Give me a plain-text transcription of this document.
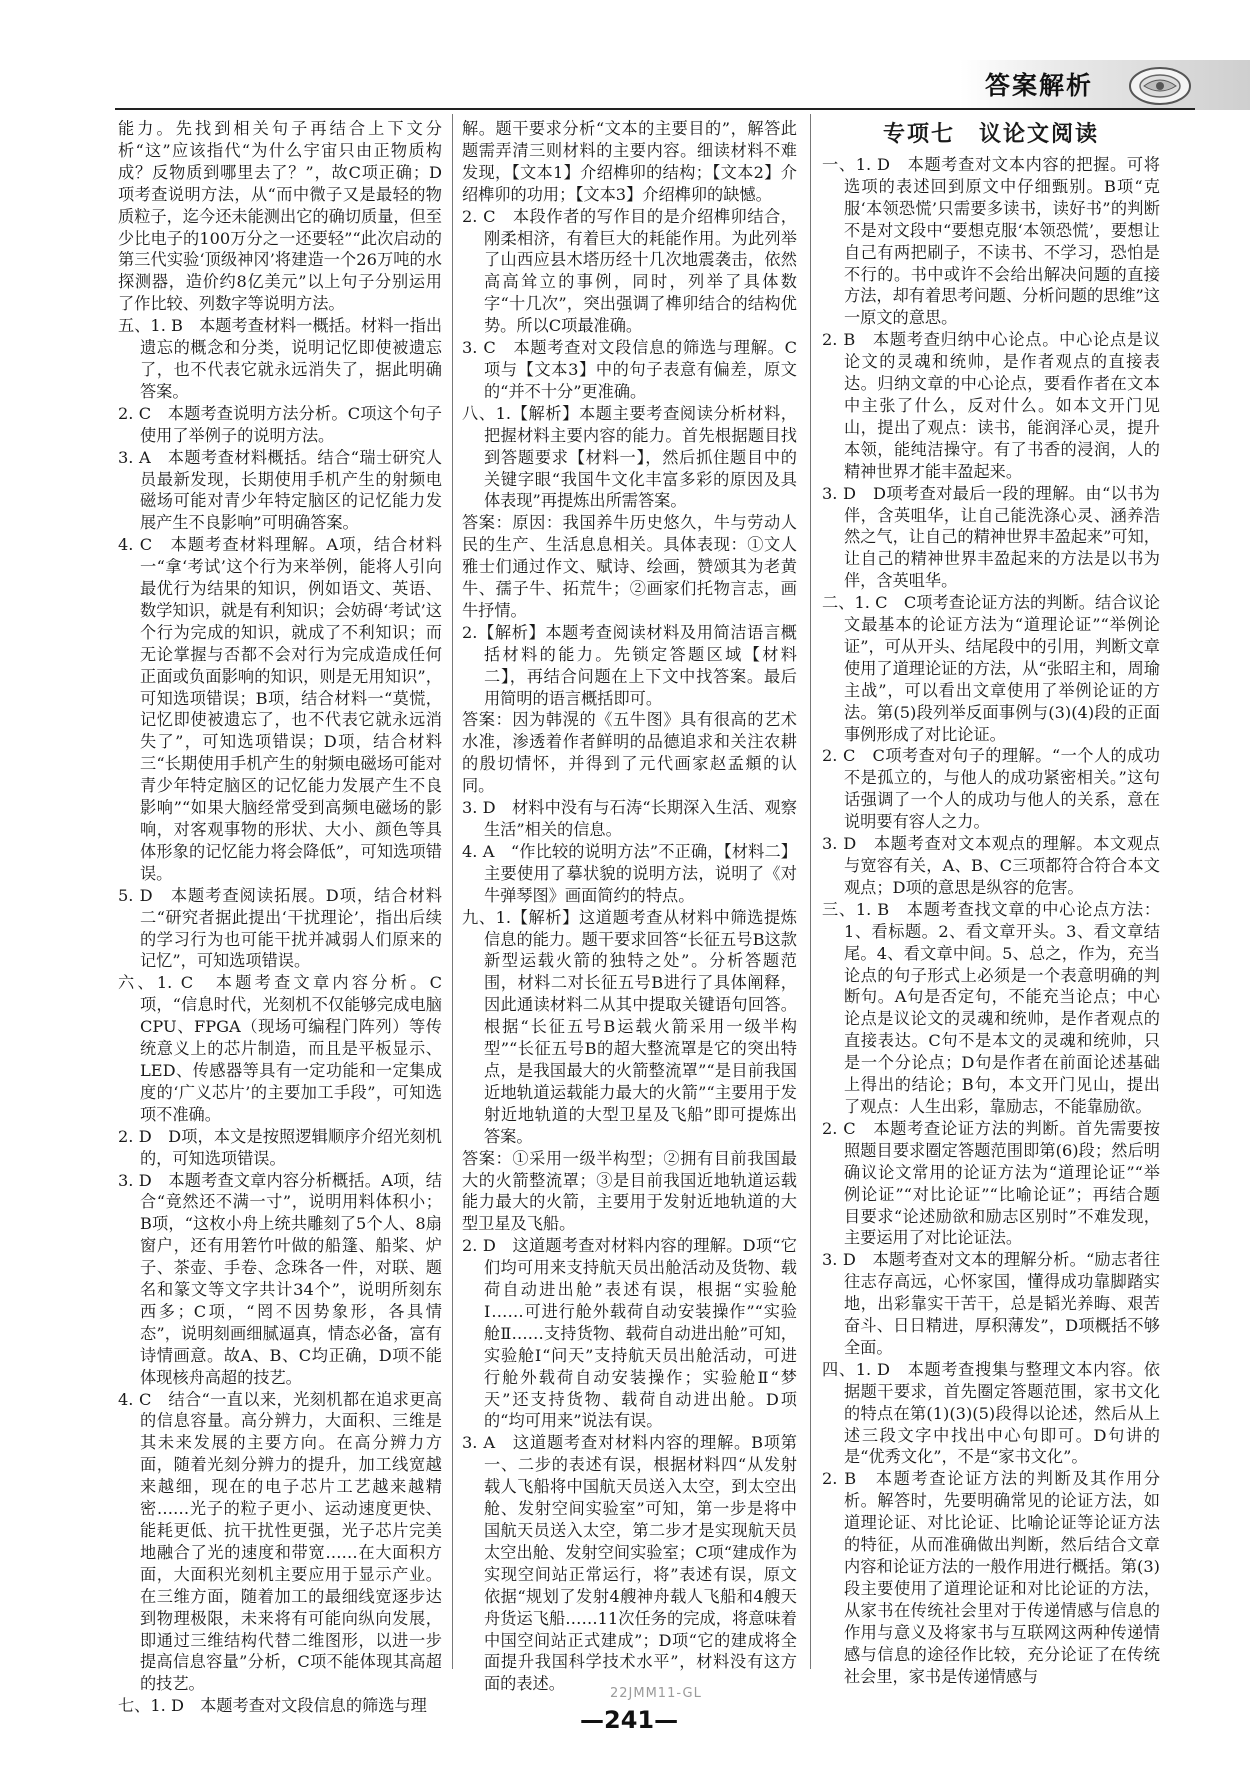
答案解析

能力。先找到相关句子再结合上下文分析“这”应该指代“为什么宇宙只由正物质构成？反物质到哪里去了？”，故C项正确；D项考查说明方法，从“而中微子又是最轻的物质粒子，迄今还未能测出它的确切质量，但至少比电子的100万分之一还要轻”“此次启动的第三代实验‘顶级神冈’将建造一个26万吨的水探测器，造价约8亿美元”以上句子分别运用了作比较、列数字等说明方法。

五、1. B　本题考查材料一概括。材料一指出遗忘的概念和分类，说明记忆即使被遗忘了，也不代表它就永远消失了，据此明确答案。

2. C　本题考查说明方法分析。C项这个句子使用了举例子的说明方法。

3. A　本题考查材料概括。结合“瑞士研究人员最新发现，长期使用手机产生的射频电磁场可能对青少年特定脑区的记忆能力发展产生不良影响”可明确答案。

4. C　本题考查材料理解。A项，结合材料一“拿‘考试’这个行为来举例，能将人引向最优行为结果的知识，例如语文、英语、数学知识，就是有利知识；会妨碍‘考试’这个行为完成的知识，就成了不利知识；而无论掌握与否都不会对行为完成造成任何正面或负面影响的知识，则是无用知识”，可知选项错误；B项，结合材料一“莫慌，记忆即使被遗忘了，也不代表它就永远消失了”，可知选项错误；D项，结合材料三“长期使用手机产生的射频电磁场可能对青少年特定脑区的记忆能力发展产生不良影响”“如果大脑经常受到高频电磁场的影响，对客观事物的形状、大小、颜色等具体形象的记忆能力将会降低”，可知选项错误。

5. D　本题考查阅读拓展。D项，结合材料二“研究者据此提出‘干扰理论’，指出后续的学习行为也可能干扰并减弱人们原来的记忆”，可知选项错误。

六、1. C　本题考查文章内容分析。C项，“信息时代，光刻机不仅能够完成电脑CPU、FPGA（现场可编程门阵列）等传统意义上的芯片制造，而且是平板显示、LED、传感器等具有一定功能和一定集成度的‘广义芯片’的主要加工手段”，可知选项不准确。

2. D　D项，本文是按照逻辑顺序介绍光刻机的，可知选项错误。

3. D　本题考查文章内容分析概括。A项，结合“竟然还不满一寸”，说明用料体积小；B项，“这枚小舟上统共雕刻了5个人、8扇窗户，还有用箬竹叶做的船篷、船桨、炉子、茶壶、手卷、念珠各一件，对联、题名和篆文等文字共计34个”，说明所刻东西多；C项，“罔不因势象形，各具情态”，说明刻画细腻逼真，情态必备，富有诗情画意。故A、B、C均正确，D项不能体现核舟高超的技艺。

4. C　结合“一直以来，光刻机都在追求更高的信息容量。高分辨力，大面积、三维是其未来发展的主要方向。在高分辨力方面，随着光刻分辨力的提升，加工线宽越来越细，现在的电子芯片工艺越来越精密……光子的粒子更小、运动速度更快、能耗更低、抗干扰性更强，光子芯片完美地融合了光的速度和带宽……在大面积方面，大面积光刻机主要应用于显示产业。在三维方面，随着加工的最细线宽逐步达到物理极限，未来将有可能向纵向发展，即通过三维结构代替二维图形，以进一步提高信息容量”分析，C项不能体现其高超的技艺。

七、1. D　本题考查对文段信息的筛选与理

解。题干要求分析“文本的主要目的”，解答此题需弄清三则材料的主要内容。细读材料不难发现，【文本1】介绍榫卯的结构；【文本2】介绍榫卯的功用；【文本3】介绍榫卯的缺憾。

2. C　本段作者的写作目的是介绍榫卯结合，刚柔相济，有着巨大的耗能作用。为此列举了山西应县木塔历经十几次地震袭击，依然高高耸立的事例，同时，列举了具体数字“十几次”，突出强调了榫卯结合的结构优势。所以C项最准确。

3. C　本题考查对文段信息的筛选与理解。C项与【文本3】中的句子表意有偏差，原文的“并不十分”更准确。

八、1.【解析】本题主要考查阅读分析材料，把握材料主要内容的能力。首先根据题目找到答题要求【材料一】，然后抓住题目中的关键字眼“我国牛文化丰富多彩的原因及具体表现”再提炼出所需答案。

答案：原因：我国养牛历史悠久，牛与劳动人民的生产、生活息息相关。具体表现：①文人雅士们通过作文、赋诗、绘画，赞颂其为老黄牛、孺子牛、拓荒牛；②画家们托物言志，画牛抒情。

2.【解析】本题考查阅读材料及用简洁语言概括材料的能力。先锁定答题区域【材料二】，再结合问题在上下文中找答案。最后用简明的语言概括即可。

答案：因为韩滉的《五牛图》具有很高的艺术水准，渗透着作者鲜明的品德追求和关注农耕的殷切情怀，并得到了元代画家赵孟頫的认同。

3. D　材料中没有与石涛“长期深入生活、观察生活”相关的信息。

4. A　“作比较的说明方法”不正确，【材料二】主要使用了摹状貌的说明方法，说明了《对牛弹琴图》画面简约的特点。

九、1.【解析】这道题考查从材料中筛选提炼信息的能力。题干要求回答“长征五号B这款新型运载火箭的独特之处”。分析答题范围，材料二对长征五号B进行了具体阐释，因此通读材料二从其中提取关键语句回答。根据“长征五号B运载火箭采用一级半构型”“长征五号B的超大整流罩是它的突出特点，是我国最大的火箭整流罩”“是目前我国近地轨道运载能力最大的火箭”“主要用于发射近地轨道的大型卫星及飞船”即可提炼出答案。

答案：①采用一级半构型；②拥有目前我国最大的火箭整流罩；③是目前我国近地轨道运载能力最大的火箭，主要用于发射近地轨道的大型卫星及飞船。

2. D　这道题考查对材料内容的理解。D项“它们均可用来支持航天员出舱活动及货物、载荷自动进出舱”表述有误，根据“实验舱Ⅰ……可进行舱外载荷自动安装操作”“实验舱Ⅱ……支持货物、载荷自动进出舱”可知，实验舱Ⅰ“问天”支持航天员出舱活动，可进行舱外载荷自动安装操作；实验舱Ⅱ“梦天”还支持货物、载荷自动进出舱。D项的“均可用来”说法有误。

3. A　这道题考查对材料内容的理解。B项第一、二步的表述有误，根据材料四“从发射载人飞船将中国航天员送入太空，到太空出舱、发射空间实验室”可知，第一步是将中国航天员送入太空，第二步才是实现航天员太空出舱、发射空间实验室；C项“建成作为实现空间站正常运行，将”表述有误，原文依据“规划了发射4艘神舟载人飞船和4艘天舟货运飞船……11次任务的完成，将意味着中国空间站正式建成”；D项“它的建成将全面提升我国科学技术水平”，材料没有这方面的表述。

专项七　议论文阅读

一、1. D　本题考查对文本内容的把握。可将选项的表述回到原文中仔细甄别。B项“克服‘本领恐慌’只需要多读书，读好书”的判断不是对文段中“要想克服‘本领恐慌’，要想让自己有两把刷子，不读书、不学习，恐怕是不行的。书中或许不会给出解决问题的直接方法，却有着思考问题、分析问题的思维”这一原文的意思。

2. B　本题考查归纳中心论点。中心论点是议论文的灵魂和统帅，是作者观点的直接表达。归纳文章的中心论点，要看作者在文本中主张了什么，反对什么。如本文开门见山，提出了观点：读书，能润泽心灵，提升本领，能纯洁操守。有了书香的浸润，人的精神世界才能丰盈起来。

3. D　D项考查对最后一段的理解。由“以书为伴，含英咀华，让自己能洗涤心灵、涵养浩然之气，让自己的精神世界丰盈起来”可知，让自己的精神世界丰盈起来的方法是以书为伴，含英咀华。

二、1. C　C项考查论证方法的判断。结合议论文最基本的论证方法为“道理论证”“举例论证”，可从开头、结尾段中的引用，判断文章使用了道理论证的方法，从“张昭主和，周瑜主战”，可以看出文章使用了举例论证的方法。第(5)段列举反面事例与(3)(4)段的正面事例形成了对比论证。

2. C　C项考查对句子的理解。“一个人的成功不是孤立的，与他人的成功紧密相关。”这句话强调了一个人的成功与他人的关系，意在说明要有容人之力。

3. D　本题考查对文本观点的理解。本文观点与宽容有关，A、B、C三项都符合符合本文观点；D项的意思是纵容的危害。

三、1. B　本题考查找文章的中心论点方法：1、看标题。2、看文章开头。3、看文章结尾。4、看文章中间。5、总之，作为，充当论点的句子形式上必须是一个表意明确的判断句。A句是否定句，不能充当论点；中心论点是议论文的灵魂和统帅，是作者观点的直接表达。C句不是本文的灵魂和统帅，只是一个分论点；D句是作者在前面论述基础上得出的结论；B句，本文开门见山，提出了观点：人生出彩，靠励志，不能靠励欲。

2. C　本题考查论证方法的判断。首先需要按照题目要求圈定答题范围即第(6)段；然后明确议论文常用的论证方法为“道理论证”“举例论证”“对比论证”“比喻论证”；再结合题目要求“论述励欲和励志区别时”不难发现，主要运用了对比论证法。

3. D　本题考查对文本的理解分析。“励志者往往志存高远，心怀家国，懂得成功靠脚踏实地，出彩靠实干苦干，总是韬光养晦、艰苦奋斗、日日精进，厚积薄发”，D项概括不够全面。

四、1. D　本题考查搜集与整理文本内容。依据题干要求，首先圈定答题范围，家书文化的特点在第(1)(3)(5)段得以论述，然后从上述三段文字中找出中心句即可。D句讲的是“优秀文化”，不是“家书文化”。

2. B　本题考查论证方法的判断及其作用分析。解答时，先要明确常见的论证方法，如道理论证、对比论证、比喻论证等论证方法的特征，从而准确做出判断，然后结合文章内容和论证方法的一般作用进行概括。第(3)段主要使用了道理论证和对比论证的方法，从家书在传统社会里对于传递情感与信息的作用与意义及将家书与互联网这两种传递情感与信息的途径作比较，充分论证了在传统社会里，家书是传递情感与

22JMM11-GL
—241—
